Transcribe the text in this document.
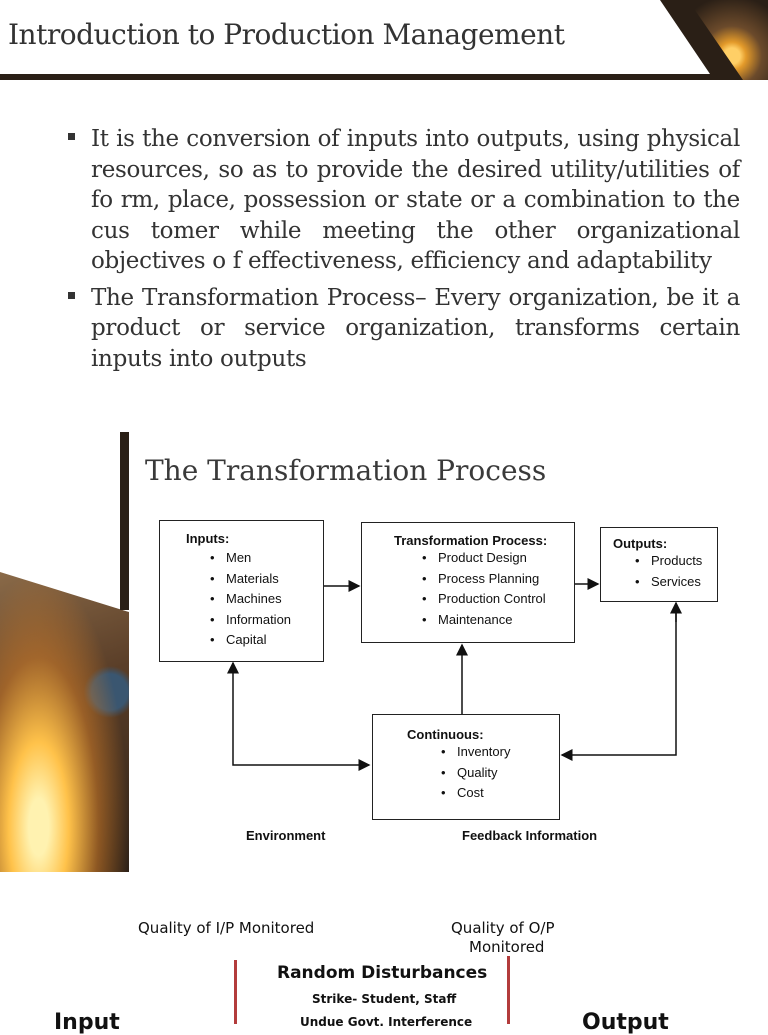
Introduction to Production Management
It is the conversion of inputs into outputs, using physical resources, so as to provide the desired utility/utilities of fo rm, place, possession or state or a combination to the cus tomer while meeting the other organizational objectives o f effectiveness, efficiency and adaptability
The Transformation Process– Every organization, be it a product or service organization, transforms certain inputs into outputs
The Transformation Process
Inputs:
• Men
• Materials
• Machines
• Information
• Capital
Transformation Process:
• Product Design
• Process Planning
• Production Control
• Maintenance
Outputs:
• Products
• Services
Continuous:
• Inventory
• Quality
• Cost
Environment	Feedback Information
Quality of I/P Monitored	Quality of O/P
Monitored
Random Disturbances
Strike- Student, Staff
Undue Govt. Interference
Input	Output
